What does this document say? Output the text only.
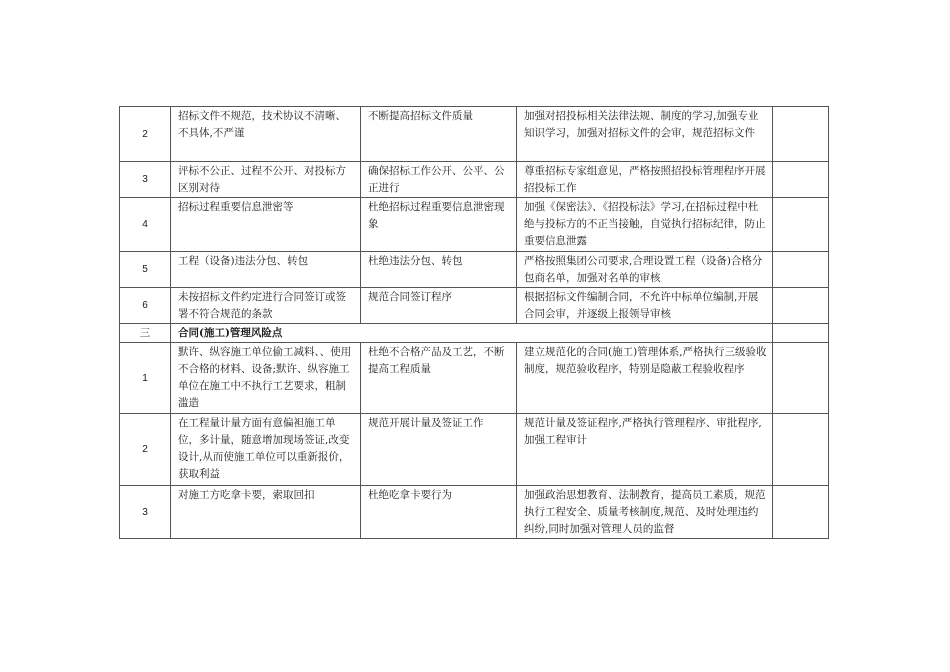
2	招标文件不规范，技术协议不清晰、不具体,不严谨	不断提高招标文件质量	加强对招投标相关法律法规、制度的学习,加强专业知识学习，加强对招标文件的会审，规范招标文件	
3	评标不公正、过程不公开、对投标方区别对待	确保招标工作公开、公平、公正进行	尊重招标专家组意见，严格按照招投标管理程序开展招投标工作	
4	招标过程重要信息泄密等	杜绝招标过程重要信息泄密现象	加强《保密法》、《招投标法》学习,在招标过程中杜绝与投标方的不正当接触，自觉执行招标纪律，防止重要信息泄露	
5	工程（设备)违法分包、转包	杜绝违法分包、转包	严格按照集团公司要求,合理设置工程（设备)合格分包商名单，加强对名单的审核	
6	未按招标文件约定进行合同签订或签署不符合规范的条款	规范合同签订程序	根据招标文件编制合同，不允许中标单位编制,开展合同会审，并逐级上报领导审核	
三	合同(施工)管理风险点			
1	默许、纵容施工单位偷工减料、、使用不合格的材料、设备;默许、纵容施工单位在施工中不执行工艺要求，粗制滥造	杜绝不合格产品及工艺，不断提高工程质量	建立规范化的合同(施工)管理体系,严格执行三级验收制度，规范验收程序，特别是隐蔽工程验收程序	
2	在工程量计量方面有意偏袒施工单位，多计量，随意增加现场签证,改变设计,从而使施工单位可以重新报价，获取利益	规范开展计量及签证工作	规范计量及签证程序,严格执行管理程序、审批程序,加强工程审计	
3	对施工方吃拿卡要，索取回扣	杜绝吃拿卡要行为	加强政治思想教育、法制教育，提高员工素质，规范执行工程安全、质量考核制度,规范、及时处理违约纠纷,同时加强对管理人员的监督	
